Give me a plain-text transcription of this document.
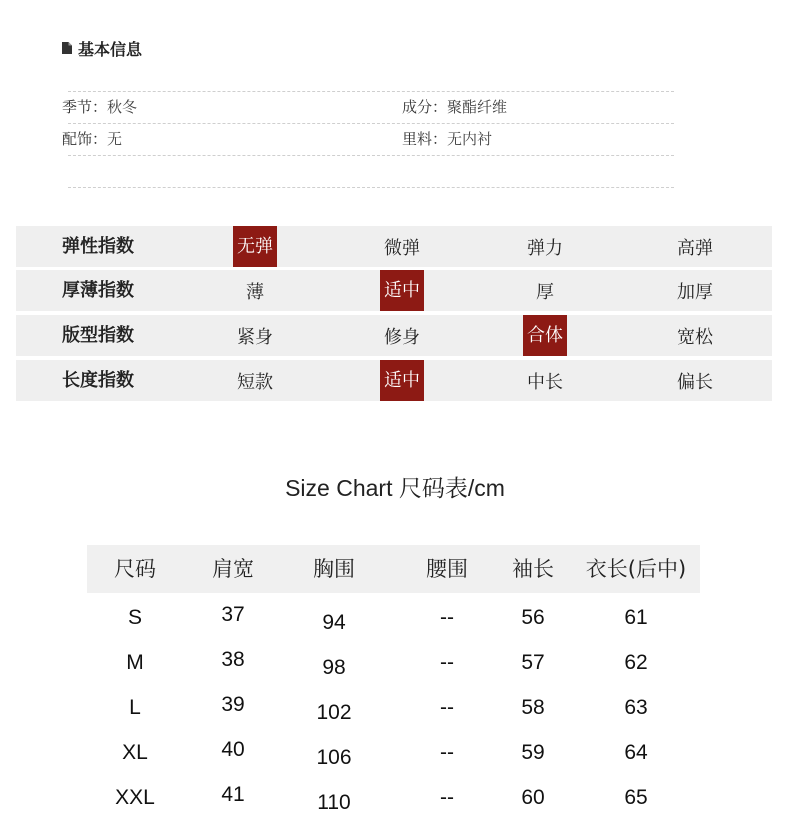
基本信息
季节：秋冬	成分：聚酯纤维
配饰：无	里料：无内衬
弹性指数	无弹	微弹	弹力	高弹
厚薄指数	薄	适中	厚	加厚
版型指数	紧身	修身	合体	宽松
长度指数	短款	适中	中长	偏长
Size Chart 尺码表/cm
尺码	肩宽	胸围	腰围	袖长	衣长(后中)
S	37	94	--	56	61
M	38	98	--	57	62
L	39	102	--	58	63
XL	40	106	--	59	64
XXL	41	110	--	60	65
